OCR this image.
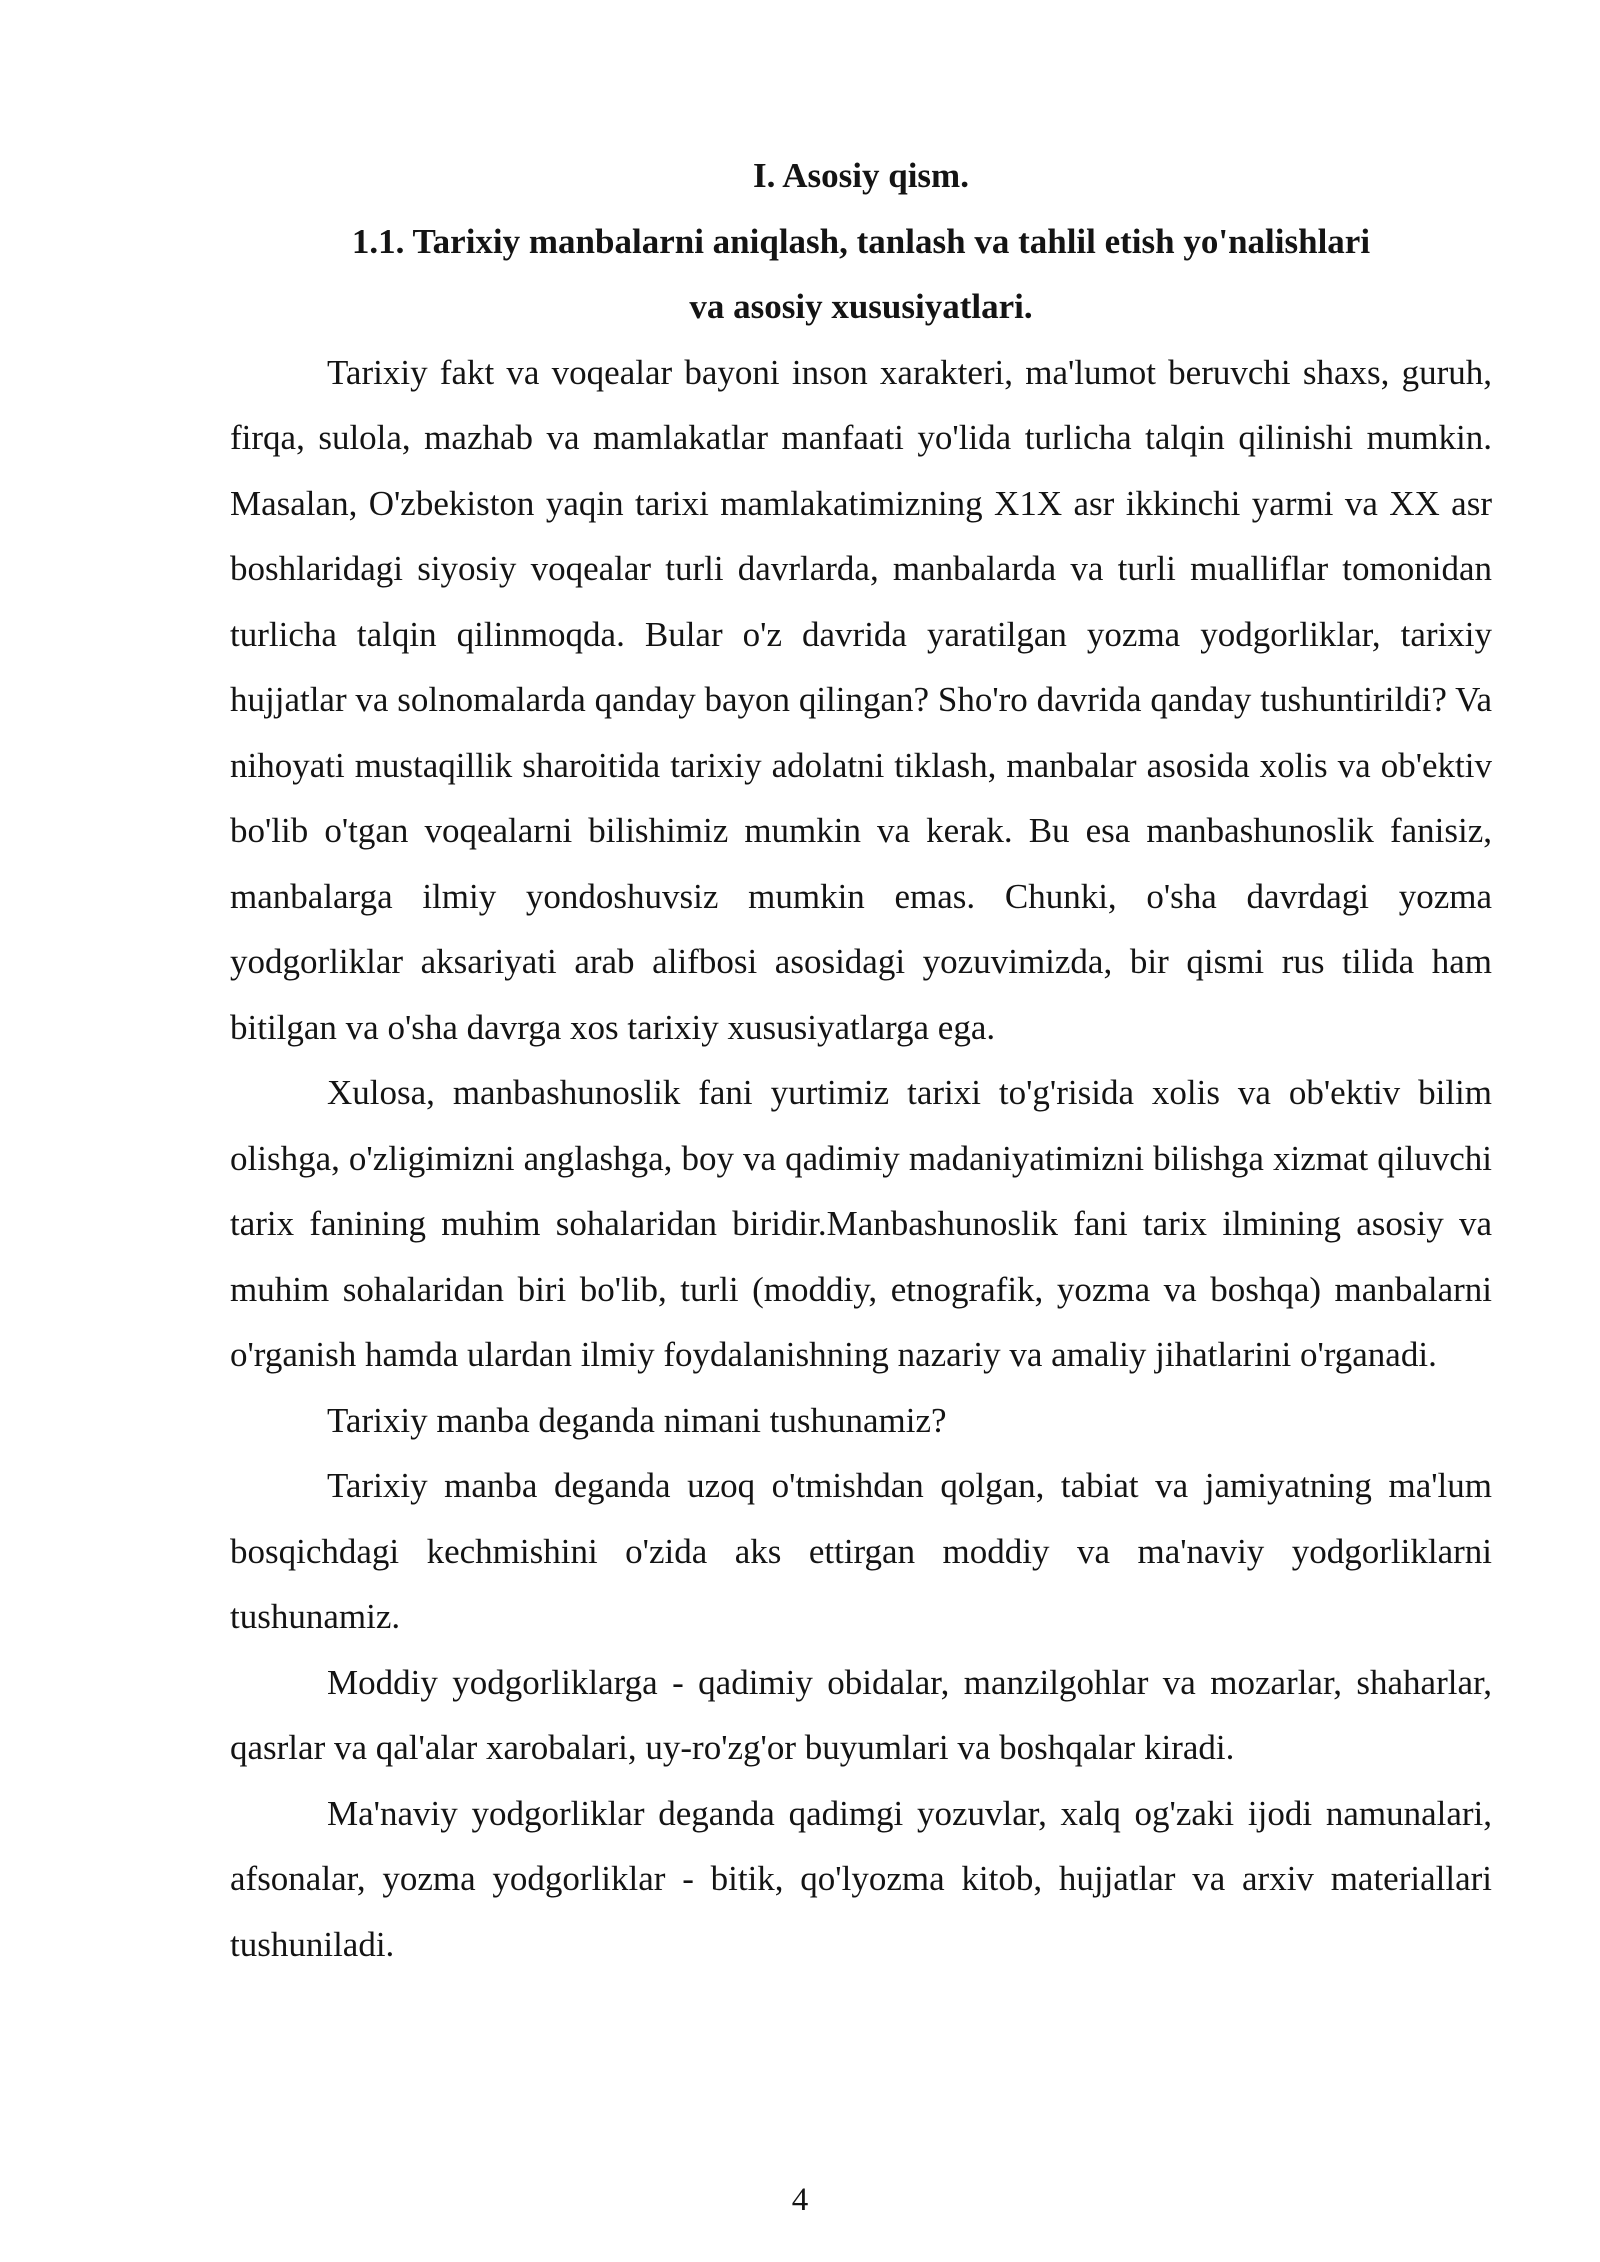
I. Asosiy qism.

1.1. Tarixiy manbalarni aniqlash, tanlash va tahlil etish yo'nalishlari

va asosiy xususiyatlari.

Tarixiy fakt va voqealar bayoni inson xarakteri, ma'lumot beruvchi shaxs, guruh, firqa, sulola, mazhab va mamlakatlar manfaati yo'lida turlicha talqin qilinishi mumkin. Masalan, O'zbekiston yaqin tarixi mamlakatimizning X1X asr ikkinchi yarmi va XX asr boshlaridagi siyosiy voqealar turli davrlarda, manbalarda va turli mualliflar tomonidan turlicha talqin qilinmoqda. Bular o'z davrida yaratilgan yozma yodgorliklar, tarixiy hujjatlar va solnomalarda qanday bayon qilingan? Sho'ro davrida qanday tushuntirildi? Va nihoyati mustaqillik sharoitida tarixiy adolatni tiklash, manbalar asosida xolis va ob'ektiv bo'lib o'tgan voqealarni bilishimiz mumkin va kerak. Bu esa manbashunoslik fanisiz, manbalarga ilmiy yondoshuvsiz mumkin emas. Chunki, o'sha davrdagi yozma yodgorliklar aksariyati arab alifbosi asosidagi yozuvimizda, bir qismi rus tilida ham bitilgan va o'sha davrga xos tarixiy xususiyatlarga ega.

Xulosa, manbashunoslik fani yurtimiz tarixi to'g'risida xolis va ob'ektiv bilim olishga, o'zligimizni anglashga, boy va qadimiy madaniyatimizni bilishga xizmat qiluvchi tarix fanining muhim sohalaridan biridir.Manbashunoslik fani tarix ilmining asosiy va muhim sohalaridan biri bo'lib, turli (moddiy, etnografik, yozma va boshqa) manbalarni o'rganish hamda ulardan ilmiy foydalanishning nazariy va amaliy jihatlarini o'rganadi.

Tarixiy manba deganda nimani tushunamiz?

Tarixiy manba deganda uzoq o'tmishdan qolgan, tabiat va jamiyatning ma'lum bosqichdagi kechmishini o'zida aks ettirgan moddiy va ma'naviy yodgorliklarni tushunamiz.

Moddiy yodgorliklarga - qadimiy obidalar, manzilgohlar va mozarlar, shaharlar, qasrlar va qal'alar xarobalari, uy-ro'zg'or buyumlari va boshqalar kiradi.

Ma'naviy yodgorliklar deganda qadimgi yozuvlar, xalq og'zaki ijodi namunalari, afsonalar, yozma yodgorliklar - bitik, qo'lyozma kitob, hujjatlar va arxiv materiallari tushuniladi.

4
